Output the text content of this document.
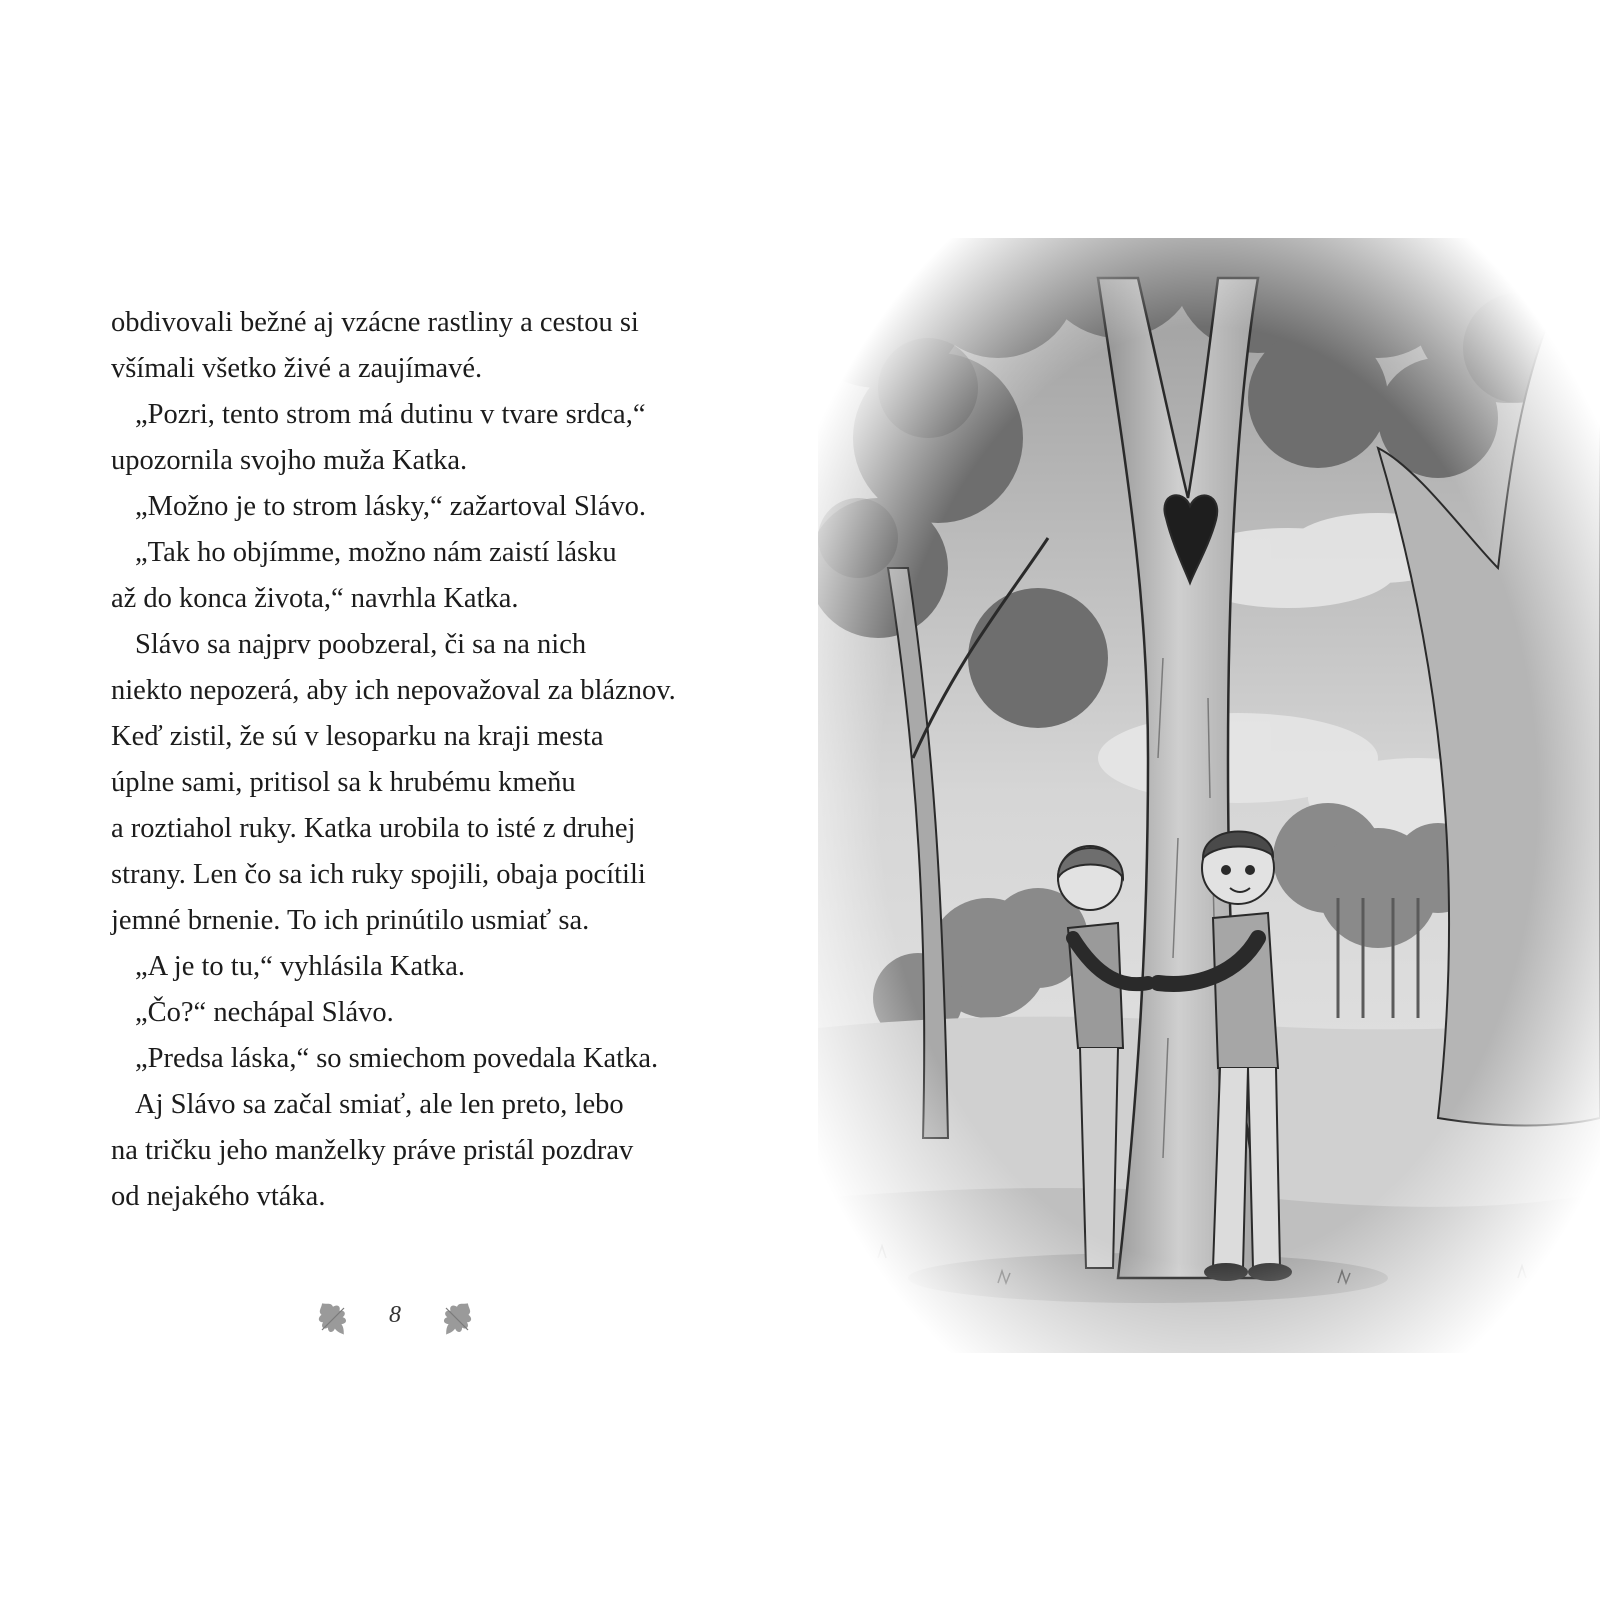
obdivovali bežné aj vzácne rastliny a cestou si
všímali všetko živé a zaujímavé.
„Pozri, tento strom má dutinu v tvare srdca,“
upozornila svojho muža Katka.
„Možno je to strom lásky,“ zažartoval Slávo.
„Tak ho objímme, možno nám zaistí lásku
až do konca života,“ navrhla Katka.
Slávo sa najprv poobzeral, či sa na nich
niekto nepozerá, aby ich nepovažoval za bláznov.
Keď zistil, že sú v lesoparku na kraji mesta
úplne sami, pritisol sa k hrubému kmeňu
a roztiahol ruky. Katka urobila to isté z druhej
strany. Len čo sa ich ruky spojili, obaja pocítili
jemné brnenie. To ich prinútilo usmiať sa.
„A je to tu,“ vyhlásila Katka.
„Čo?“ nechápal Slávo.
„Predsa láska,“ so smiechom povedala Katka.
Aj Slávo sa začal smiať, ale len preto, lebo
na tričku jeho manželky práve pristál pozdrav
od nejakého vtáka.
8
